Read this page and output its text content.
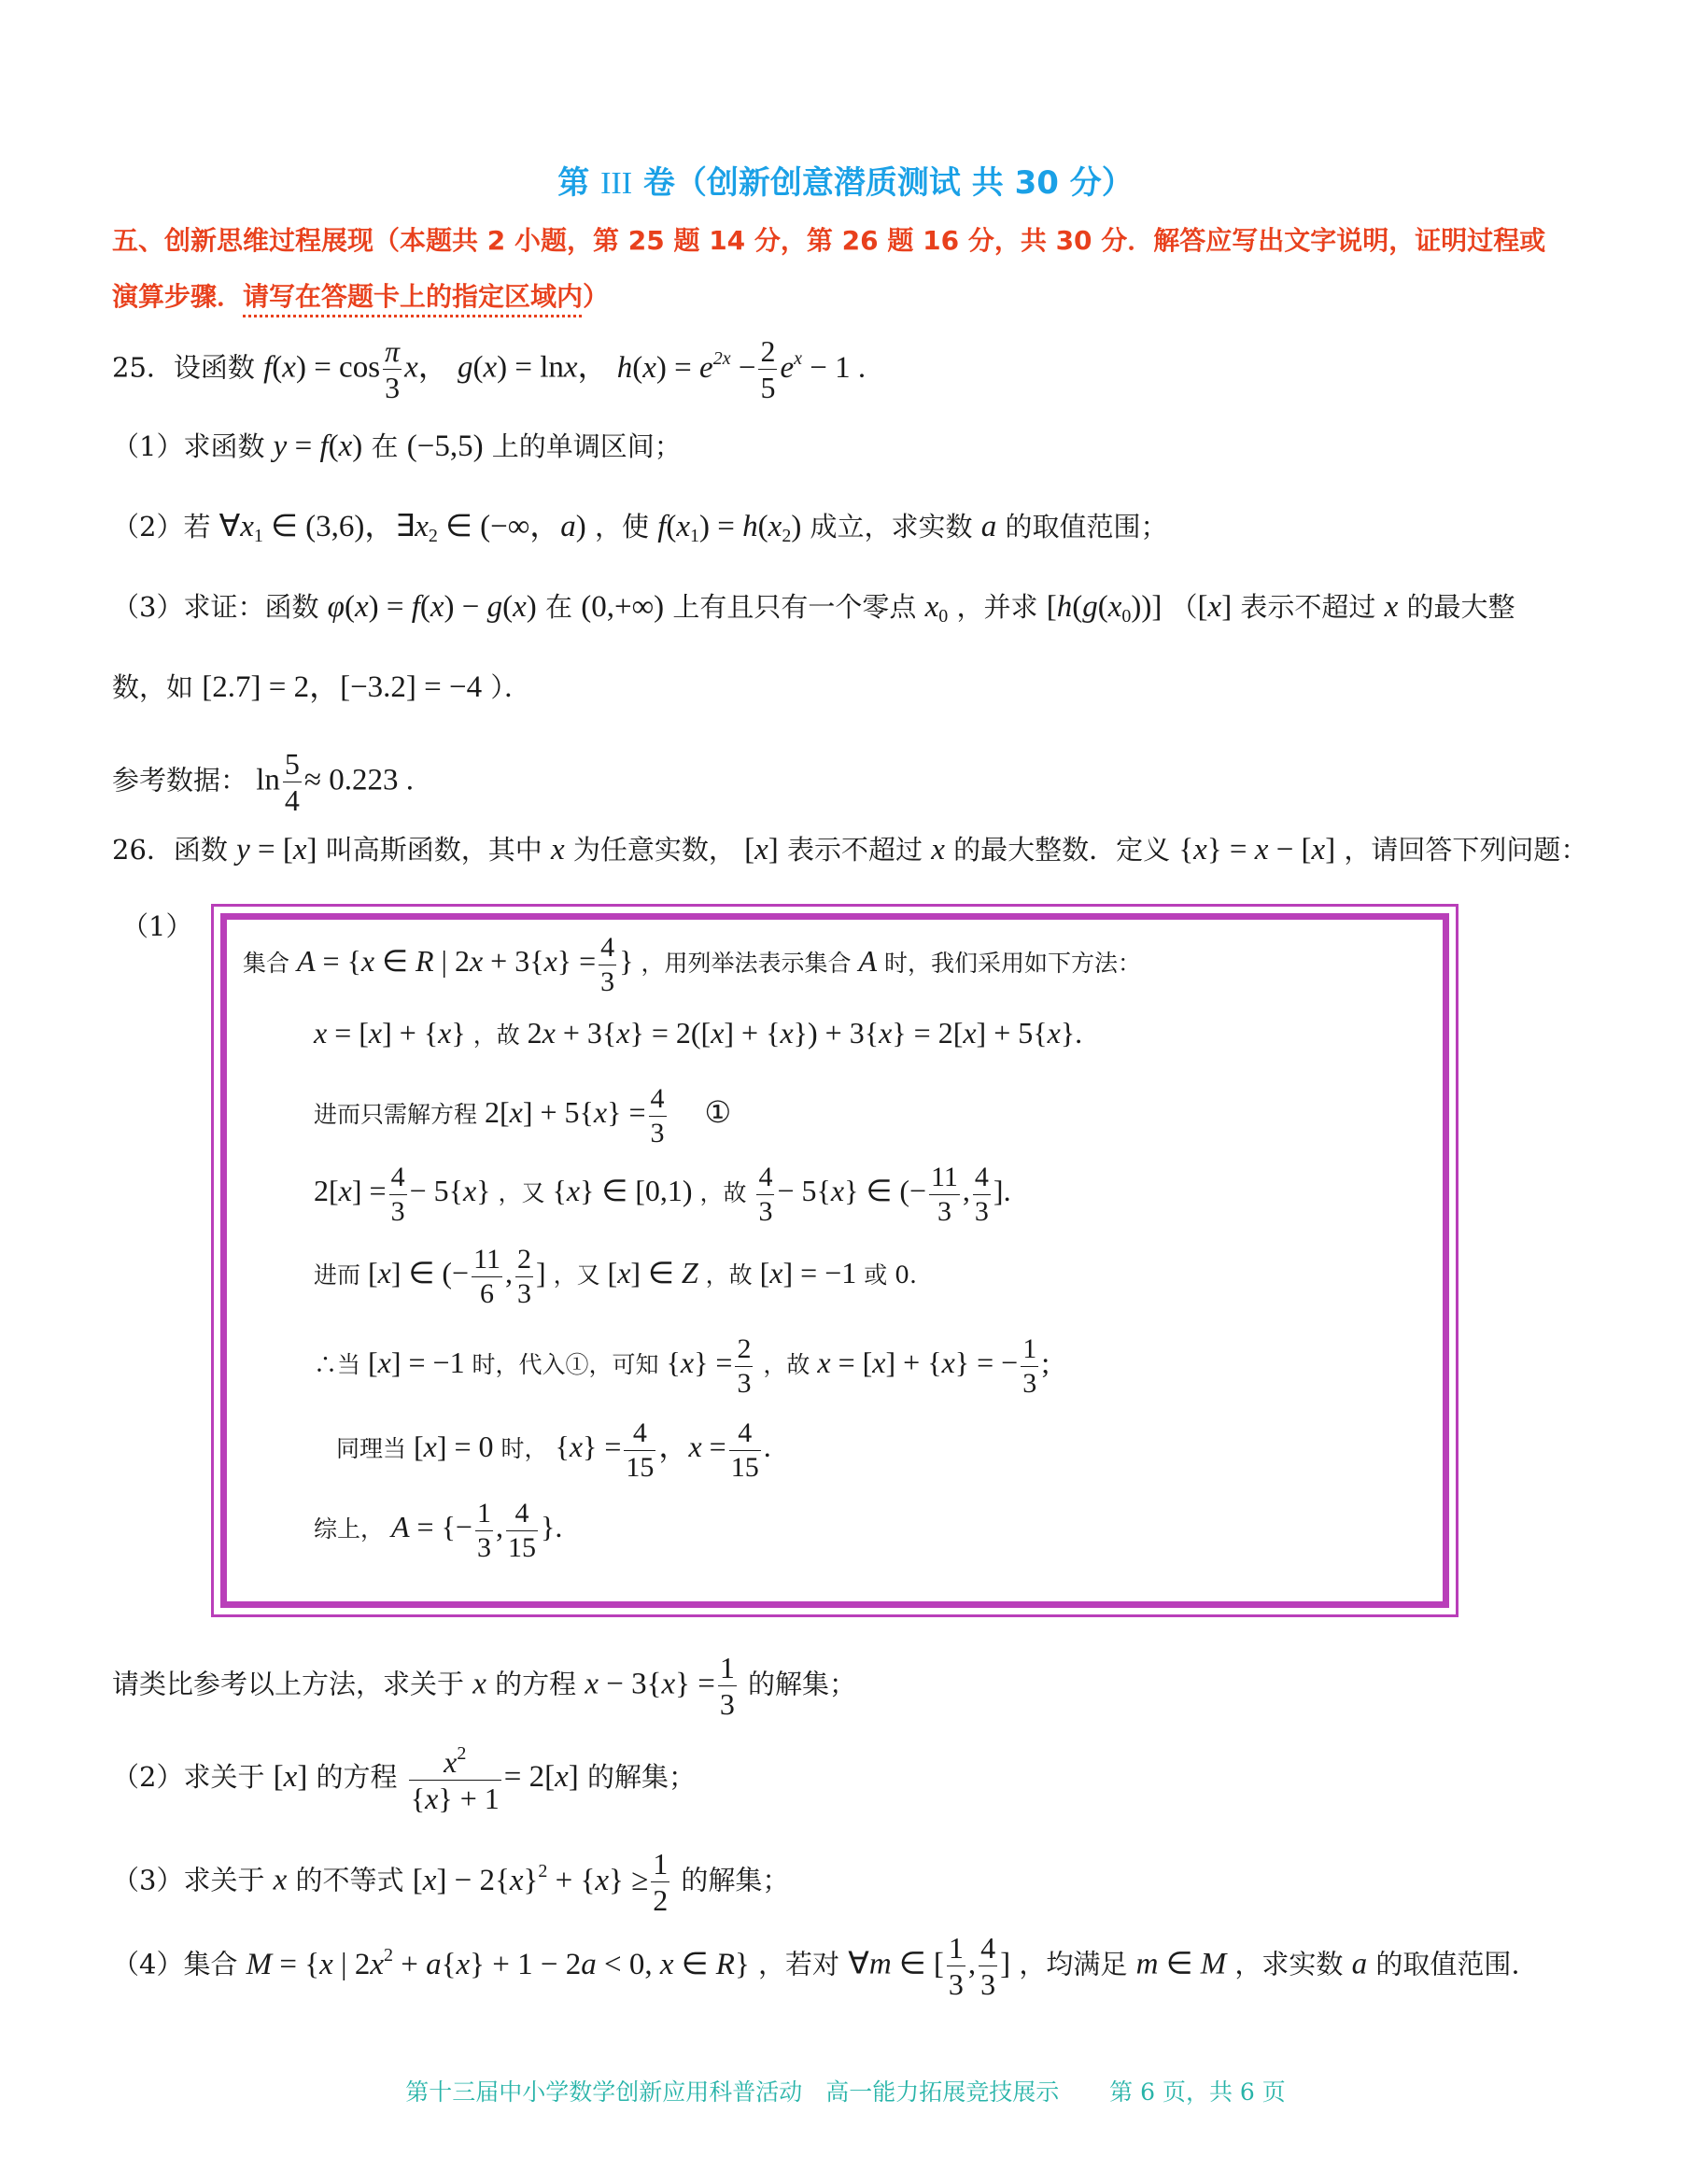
第 III 卷（创新创意潜质测试 共 30 分）
五、创新思维过程展现（本题共 2 小题，第 25 题 14 分，第 26 题 16 分，共 30 分．解答应写出文字说明，证明过程或
演算步骤．请写在答题卡上的指定区域内）
25．设函数 $f(x) = \cos \frac{\pi}{3}$ x， g(x) = lnx， $h(x) = e^{2x} - \frac{2}{5} e^x - 1$ .
（1）求函数 y = f(x) 在 (−5,5) 上的单调区间；
（2）若 $\forall x_1$ ∈ (3,6)，$\exists x_2$ ∈ (−∞，a) ，使 $f(x_1) = h(x_2)$ 成立，求实数 a 的取值范围；
（3）求证：函数 φ(x) = f(x) − g(x) 在 (0,+∞) 上有且只有一个零点 $x_0$ ，并求 $[h(g(x_0))]$ （[x] 表示不超过 x 的最大整
数，如 [2.7] = 2，[−3.2] = −4 ）．
参考数据： $\ln \frac{5}{4} \approx 0.223$ .
26．函数 y = [x] 叫高斯函数，其中 x 为任意实数， [x] 表示不超过 x 的最大整数．定义 {x} = x − [x] ，请回答下列问题：
（1）
集合 A = {x ∈ R | $2x + 3\{x\} = \frac{4}{3}$ } ，用列举法表示集合 A 时，我们采用如下方法：
x = [x] + {x} ，故 2x + 3{x} = 2([x] + {x}) + 3{x} = 2[x] + 5{x}.
进而只需解方程 $2[x] + 5\{x\} = \frac{4}{3}$ ①
$2[x] = \frac{4}{3} - 5\{x\}$ ，又 {x} ∈ [0,1) ，故 $\frac{4}{3} - 5\{x\}$ ∈ (− $\frac{11}{3}$ , $\frac{4}{3}$ ].
进而 [x] ∈ (− $\frac{11}{6}$ , $\frac{2}{3}$ ] ，又 [x] ∈ Z ，故 [x] = −1 或 0.
∴当 [x] = −1 时，代入①，可知 $\{x\} = \frac{2}{3}$ ，故 x = [x] + {x} = − $\frac{1}{3}$ ;
同理当 [x] = 0 时， $\{x\} = \frac{4}{15}$ ，$x = \frac{4}{15}$ .
综上， A = {− $\frac{1}{3}$ , $\frac{4}{15}$ }.
请类比参考以上方法，求关于 x 的方程 $x - 3\{x\} = \frac{1}{3}$ 的解集；
（2）求关于 [x] 的方程 $\frac{x^2}{\{x\} + 1} = 2[x]$ 的解集；
（3）求关于 x 的不等式 $[x] - 2\{x\}^2 + \{x\} \ge \frac{1}{2}$ 的解集；
（4）集合 M = {x | $2x^2 + a\{x\} + 1 - 2a < 0$, x ∈ R} ，若对 ∀m ∈ [ $\frac{1}{3}$ , $\frac{4}{3}$ ] ，均满足 m ∈ M ，求实数 a 的取值范围.
第十三届中小学数学创新应用科普活动　高一能力拓展竞技展示 第 6 页，共 6 页
